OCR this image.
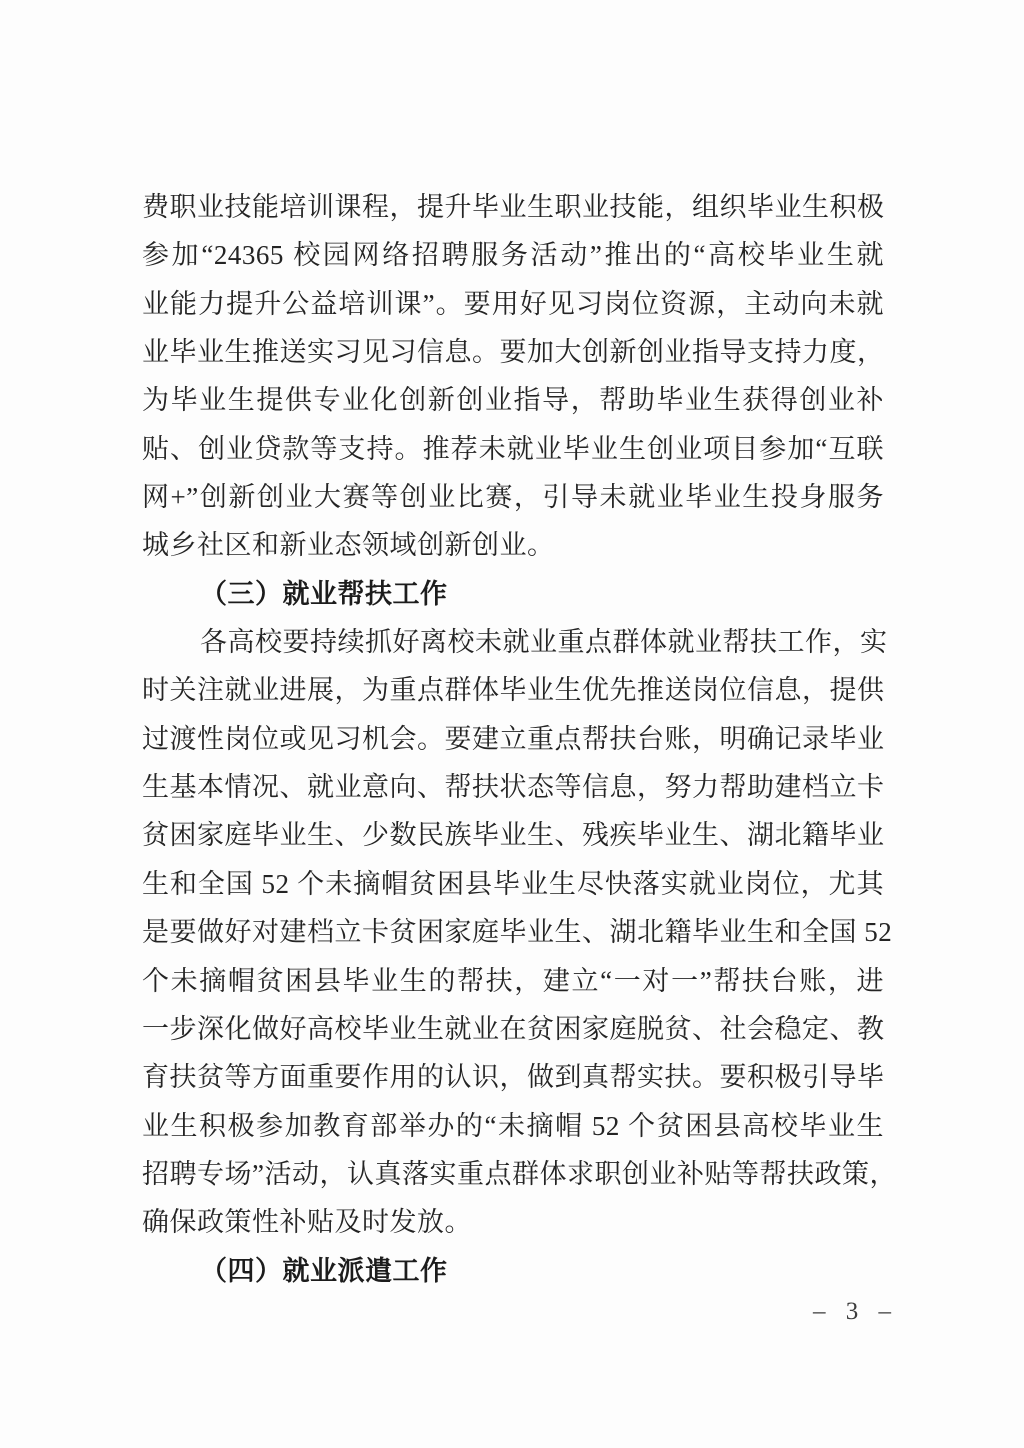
费职业技能培训课程，提升毕业生职业技能，组织毕业生积极
参加“24365 校园网络招聘服务活动”推出的“高校毕业生就
业能力提升公益培训课”。要用好见习岗位资源，主动向未就
业毕业生推送实习见习信息。要加大创新创业指导支持力度，
为毕业生提供专业化创新创业指导，帮助毕业生获得创业补
贴、创业贷款等支持。推荐未就业毕业生创业项目参加“互联
网+”创新创业大赛等创业比赛，引导未就业毕业生投身服务
城乡社区和新业态领域创新创业。
（三）就业帮扶工作
各高校要持续抓好离校未就业重点群体就业帮扶工作，实
时关注就业进展，为重点群体毕业生优先推送岗位信息，提供
过渡性岗位或见习机会。要建立重点帮扶台账，明确记录毕业
生基本情况、就业意向、帮扶状态等信息，努力帮助建档立卡
贫困家庭毕业生、少数民族毕业生、残疾毕业生、湖北籍毕业
生和全国 52 个未摘帽贫困县毕业生尽快落实就业岗位，尤其
是要做好对建档立卡贫困家庭毕业生、湖北籍毕业生和全国 52
个未摘帽贫困县毕业生的帮扶，建立“一对一”帮扶台账，进
一步深化做好高校毕业生就业在贫困家庭脱贫、社会稳定、教
育扶贫等方面重要作用的认识，做到真帮实扶。要积极引导毕
业生积极参加教育部举办的“未摘帽 52 个贫困县高校毕业生
招聘专场”活动，认真落实重点群体求职创业补贴等帮扶政策，
确保政策性补贴及时发放。
（四）就业派遣工作
– 3 –
